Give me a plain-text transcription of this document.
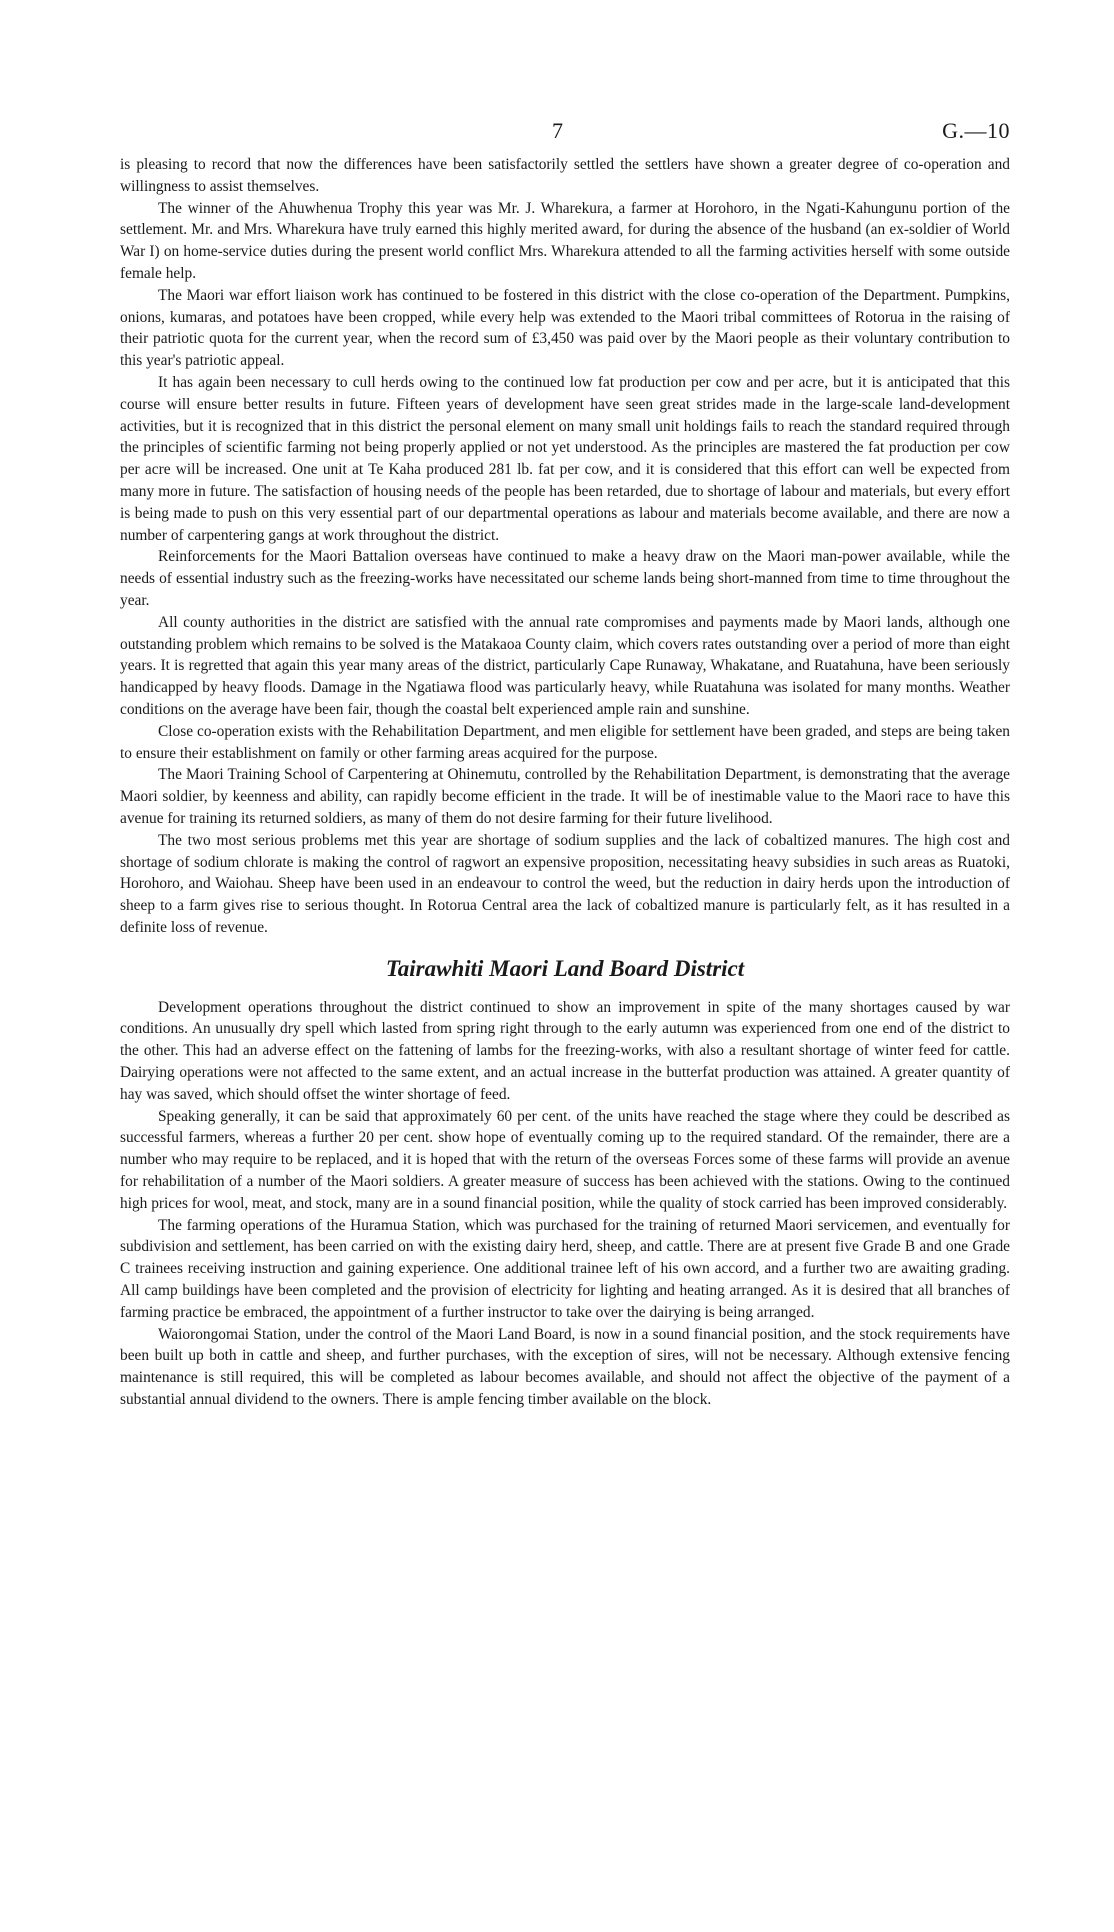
7	G.—10

is pleasing to record that now the differences have been satisfactorily settled the settlers have shown a greater degree of co-operation and willingness to assist themselves.

The winner of the Ahuwhenua Trophy this year was Mr. J. Wharekura, a farmer at Horohoro, in the Ngati-Kahungunu portion of the settlement. Mr. and Mrs. Wharekura have truly earned this highly merited award, for during the absence of the husband (an ex-soldier of World War I) on home-service duties during the present world conflict Mrs. Wharekura attended to all the farming activities herself with some outside female help.

The Maori war effort liaison work has continued to be fostered in this district with the close co-operation of the Department. Pumpkins, onions, kumaras, and potatoes have been cropped, while every help was extended to the Maori tribal committees of Rotorua in the raising of their patriotic quota for the current year, when the record sum of £3,450 was paid over by the Maori people as their voluntary contribution to this year's patriotic appeal.

It has again been necessary to cull herds owing to the continued low fat production per cow and per acre, but it is anticipated that this course will ensure better results in future. Fifteen years of development have seen great strides made in the large-scale land-development activities, but it is recognized that in this district the personal element on many small unit holdings fails to reach the standard required through the principles of scientific farming not being properly applied or not yet understood. As the principles are mastered the fat production per cow per acre will be increased. One unit at Te Kaha produced 281 lb. fat per cow, and it is considered that this effort can well be expected from many more in future. The satisfaction of housing needs of the people has been retarded, due to shortage of labour and materials, but every effort is being made to push on this very essential part of our departmental operations as labour and materials become available, and there are now a number of carpentering gangs at work throughout the district.

Reinforcements for the Maori Battalion overseas have continued to make a heavy draw on the Maori man-power available, while the needs of essential industry such as the freezing-works have necessitated our scheme lands being short-manned from time to time throughout the year.

All county authorities in the district are satisfied with the annual rate compromises and payments made by Maori lands, although one outstanding problem which remains to be solved is the Matakaoa County claim, which covers rates outstanding over a period of more than eight years. It is regretted that again this year many areas of the district, particularly Cape Runaway, Whakatane, and Ruatahuna, have been seriously handicapped by heavy floods. Damage in the Ngatiawa flood was particularly heavy, while Ruatahuna was isolated for many months. Weather conditions on the average have been fair, though the coastal belt experienced ample rain and sunshine.

Close co-operation exists with the Rehabilitation Department, and men eligible for settlement have been graded, and steps are being taken to ensure their establishment on family or other farming areas acquired for the purpose.

The Maori Training School of Carpentering at Ohinemutu, controlled by the Rehabilitation Department, is demonstrating that the average Maori soldier, by keenness and ability, can rapidly become efficient in the trade. It will be of inestimable value to the Maori race to have this avenue for training its returned soldiers, as many of them do not desire farming for their future livelihood.

The two most serious problems met this year are shortage of sodium supplies and the lack of cobaltized manures. The high cost and shortage of sodium chlorate is making the control of ragwort an expensive proposition, necessitating heavy subsidies in such areas as Ruatoki, Horohoro, and Waiohau. Sheep have been used in an endeavour to control the weed, but the reduction in dairy herds upon the introduction of sheep to a farm gives rise to serious thought. In Rotorua Central area the lack of cobaltized manure is particularly felt, as it has resulted in a definite loss of revenue.

Tairawhiti Maori Land Board District

Development operations throughout the district continued to show an improvement in spite of the many shortages caused by war conditions. An unusually dry spell which lasted from spring right through to the early autumn was experienced from one end of the district to the other. This had an adverse effect on the fattening of lambs for the freezing-works, with also a resultant shortage of winter feed for cattle. Dairying operations were not affected to the same extent, and an actual increase in the butterfat production was attained. A greater quantity of hay was saved, which should offset the winter shortage of feed.

Speaking generally, it can be said that approximately 60 per cent. of the units have reached the stage where they could be described as successful farmers, whereas a further 20 per cent. show hope of eventually coming up to the required standard. Of the remainder, there are a number who may require to be replaced, and it is hoped that with the return of the overseas Forces some of these farms will provide an avenue for rehabilitation of a number of the Maori soldiers. A greater measure of success has been achieved with the stations. Owing to the continued high prices for wool, meat, and stock, many are in a sound financial position, while the quality of stock carried has been improved considerably.

The farming operations of the Huramua Station, which was purchased for the training of returned Maori servicemen, and eventually for subdivision and settlement, has been carried on with the existing dairy herd, sheep, and cattle. There are at present five Grade B and one Grade C trainees receiving instruction and gaining experience. One additional trainee left of his own accord, and a further two are awaiting grading. All camp buildings have been completed and the provision of electricity for lighting and heating arranged. As it is desired that all branches of farming practice be embraced, the appointment of a further instructor to take over the dairying is being arranged.

Waiorongomai Station, under the control of the Maori Land Board, is now in a sound financial position, and the stock requirements have been built up both in cattle and sheep, and further purchases, with the exception of sires, will not be necessary. Although extensive fencing maintenance is still required, this will be completed as labour becomes available, and should not affect the objective of the payment of a substantial annual dividend to the owners. There is ample fencing timber available on the block.
